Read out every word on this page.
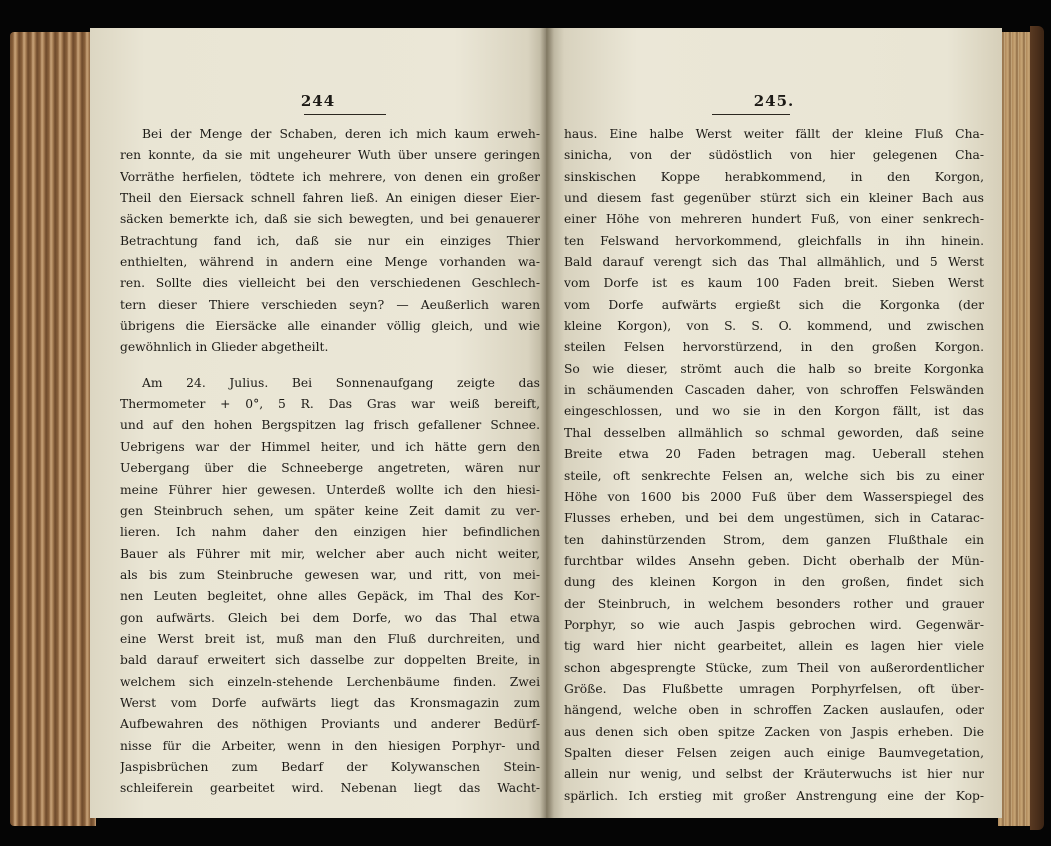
244
Bei der Menge der Schaben, deren ich mich kaum erweh-
ren konnte, da sie mit ungeheurer Wuth über unsere geringen
Vorräthe herfielen, tödtete ich mehrere, von denen ein großer
Theil den Eiersack schnell fahren ließ. An einigen dieser Eier-
säcken bemerkte ich, daß sie sich bewegten, und bei genauerer
Betrachtung fand ich, daß sie nur ein einziges Thier
enthielten, während in andern eine Menge vorhanden wa-
ren. Sollte dies vielleicht bei den verschiedenen Geschlech-
tern dieser Thiere verschieden seyn? — Aeußerlich waren
übrigens die Eiersäcke alle einander völlig gleich, und wie
gewöhnlich in Glieder abgetheilt.
Am 24. Julius. Bei Sonnenaufgang zeigte das
Thermometer + 0°, 5 R. Das Gras war weiß bereift,
und auf den hohen Bergspitzen lag frisch gefallener Schnee.
Uebrigens war der Himmel heiter, und ich hätte gern den
Uebergang über die Schneeberge angetreten, wären nur
meine Führer hier gewesen. Unterdeß wollte ich den hiesi-
gen Steinbruch sehen, um später keine Zeit damit zu ver-
lieren. Ich nahm daher den einzigen hier befindlichen
Bauer als Führer mit mir, welcher aber auch nicht weiter,
als bis zum Steinbruche gewesen war, und ritt, von mei-
nen Leuten begleitet, ohne alles Gepäck, im Thal des Kor-
gon aufwärts. Gleich bei dem Dorfe, wo das Thal etwa
eine Werst breit ist, muß man den Fluß durchreiten, und
bald darauf erweitert sich dasselbe zur doppelten Breite, in
welchem sich einzeln-stehende Lerchenbäume finden. Zwei
Werst vom Dorfe aufwärts liegt das Kronsmagazin zum
Aufbewahren des nöthigen Proviants und anderer Bedürf-
nisse für die Arbeiter, wenn in den hiesigen Porphyr- und
Jaspisbrüchen zum Bedarf der Kolywanschen Stein-
schleiferein gearbeitet wird. Nebenan liegt das Wacht-
245.
haus. Eine halbe Werst weiter fällt der kleine Fluß Cha-
sinicha, von der südöstlich von hier gelegenen Cha-
sinskischen Koppe herabkommend, in den Korgon,
und diesem fast gegenüber stürzt sich ein kleiner Bach aus
einer Höhe von mehreren hundert Fuß, von einer senkrech-
ten Felswand hervorkommend, gleichfalls in ihn hinein.
Bald darauf verengt sich das Thal allmählich, und 5 Werst
vom Dorfe ist es kaum 100 Faden breit. Sieben Werst
vom Dorfe aufwärts ergießt sich die Korgonka (der
kleine Korgon), von S. S. O. kommend, und zwischen
steilen Felsen hervorstürzend, in den großen Korgon.
So wie dieser, strömt auch die halb so breite Korgonka
in schäumenden Cascaden daher, von schroffen Felswänden
eingeschlossen, und wo sie in den Korgon fällt, ist das
Thal desselben allmählich so schmal geworden, daß seine
Breite etwa 20 Faden betragen mag. Ueberall stehen
steile, oft senkrechte Felsen an, welche sich bis zu einer
Höhe von 1600 bis 2000 Fuß über dem Wasserspiegel des
Flusses erheben, und bei dem ungestümen, sich in Catarac-
ten dahinstürzenden Strom, dem ganzen Flußthale ein
furchtbar wildes Ansehn geben. Dicht oberhalb der Mün-
dung des kleinen Korgon in den großen, findet sich
der Steinbruch, in welchem besonders rother und grauer
Porphyr, so wie auch Jaspis gebrochen wird. Gegenwär-
tig ward hier nicht gearbeitet, allein es lagen hier viele
schon abgesprengte Stücke, zum Theil von außerordentlicher
Größe. Das Flußbette umragen Porphyrfelsen, oft über-
hängend, welche oben in schroffen Zacken auslaufen, oder
aus denen sich oben spitze Zacken von Jaspis erheben. Die
Spalten dieser Felsen zeigen auch einige Baumvegetation,
allein nur wenig, und selbst der Kräuterwuchs ist hier nur
spärlich. Ich erstieg mit großer Anstrengung eine der Kop-
